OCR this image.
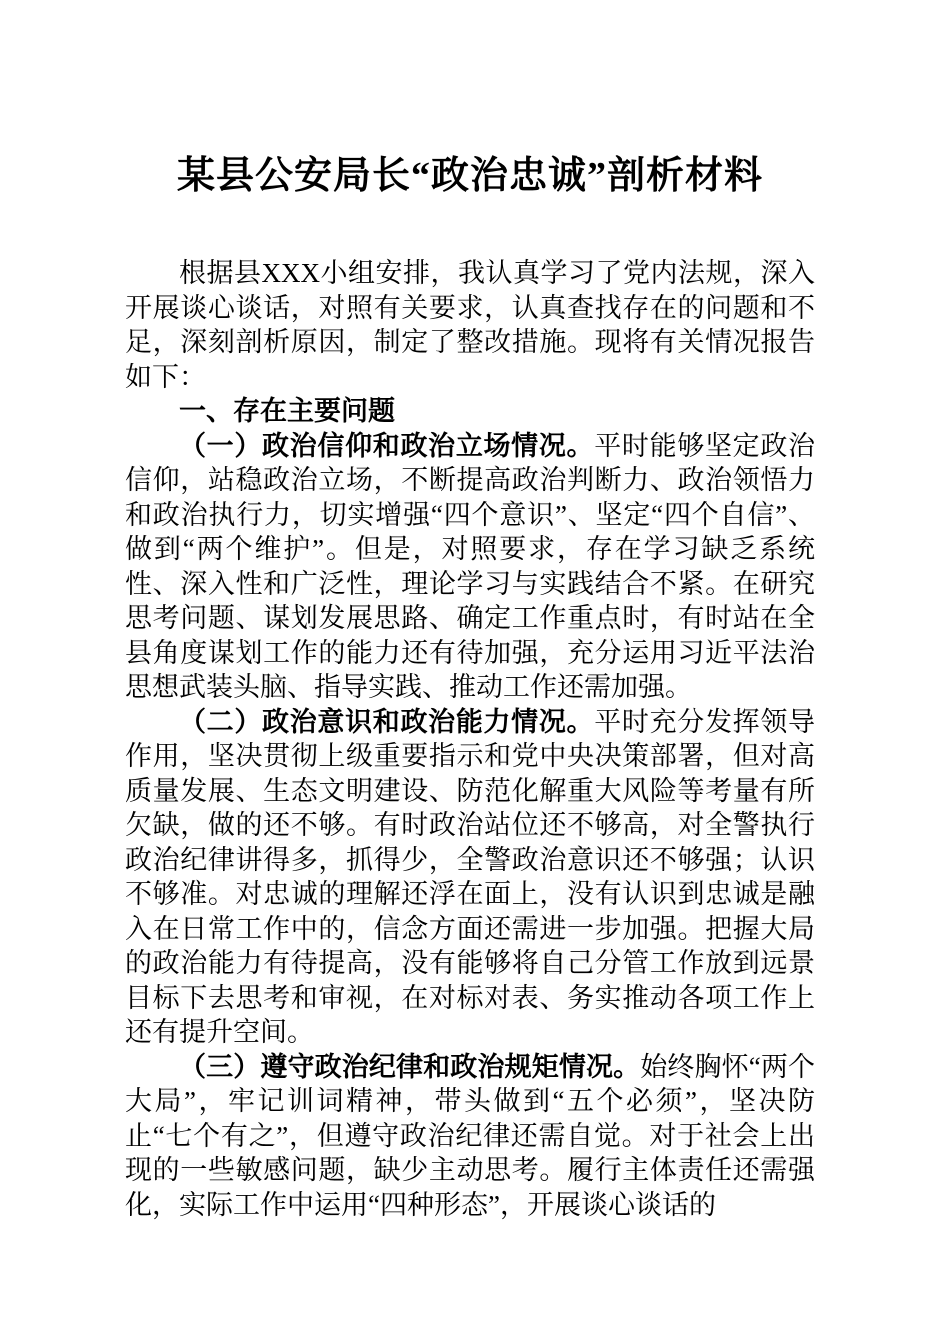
某县公安局长“政治忠诚”剖析材料

根据县XXX小组安排，我认真学习了党内法规，深入开展谈心谈话，对照有关要求，认真查找存在的问题和不足，深刻剖析原因，制定了整改措施。现将有关情况报告如下：

一、存在主要问题

（一）政治信仰和政治立场情况。平时能够坚定政治信仰，站稳政治立场，不断提高政治判断力、政治领悟力和政治执行力，切实增强“四个意识”、坚定“四个自信”、做到“两个维护”。但是，对照要求，存在学习缺乏系统性、深入性和广泛性，理论学习与实践结合不紧。在研究思考问题、谋划发展思路、确定工作重点时，有时站在全县角度谋划工作的能力还有待加强，充分运用习近平法治思想武装头脑、指导实践、推动工作还需加强。

（二）政治意识和政治能力情况。平时充分发挥领导作用，坚决贯彻上级重要指示和党中央决策部署，但对高质量发展、生态文明建设、防范化解重大风险等考量有所欠缺，做的还不够。有时政治站位还不够高，对全警执行政治纪律讲得多，抓得少，全警政治意识还不够强；认识不够准。对忠诚的理解还浮在面上，没有认识到忠诚是融入在日常工作中的，信念方面还需进一步加强。把握大局的政治能力有待提高，没有能够将自己分管工作放到远景目标下去思考和审视，在对标对表、务实推动各项工作上还有提升空间。

（三）遵守政治纪律和政治规矩情况。始终胸怀“两个大局”，牢记训词精神，带头做到“五个必须”，坚决防止“七个有之”，但遵守政治纪律还需自觉。对于社会上出现的一些敏感问题，缺少主动思考。履行主体责任还需强化，实际工作中运用“四种形态”，开展谈心谈话的
